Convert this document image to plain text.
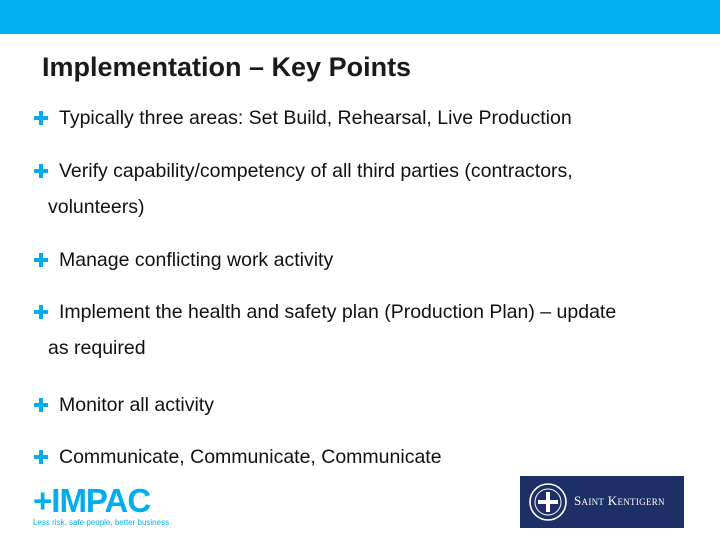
Implementation – Key Points
Typically three areas: Set Build, Rehearsal, Live Production
Verify capability/competency of all third parties (contractors,
volunteers)
Manage conflicting work activity
Implement the health and safety plan (Production Plan) – update
as required
Monitor all activity
Communicate, Communicate, Communicate
+IMPAC
Less risk, safe people, better business
Saint Kentigern
